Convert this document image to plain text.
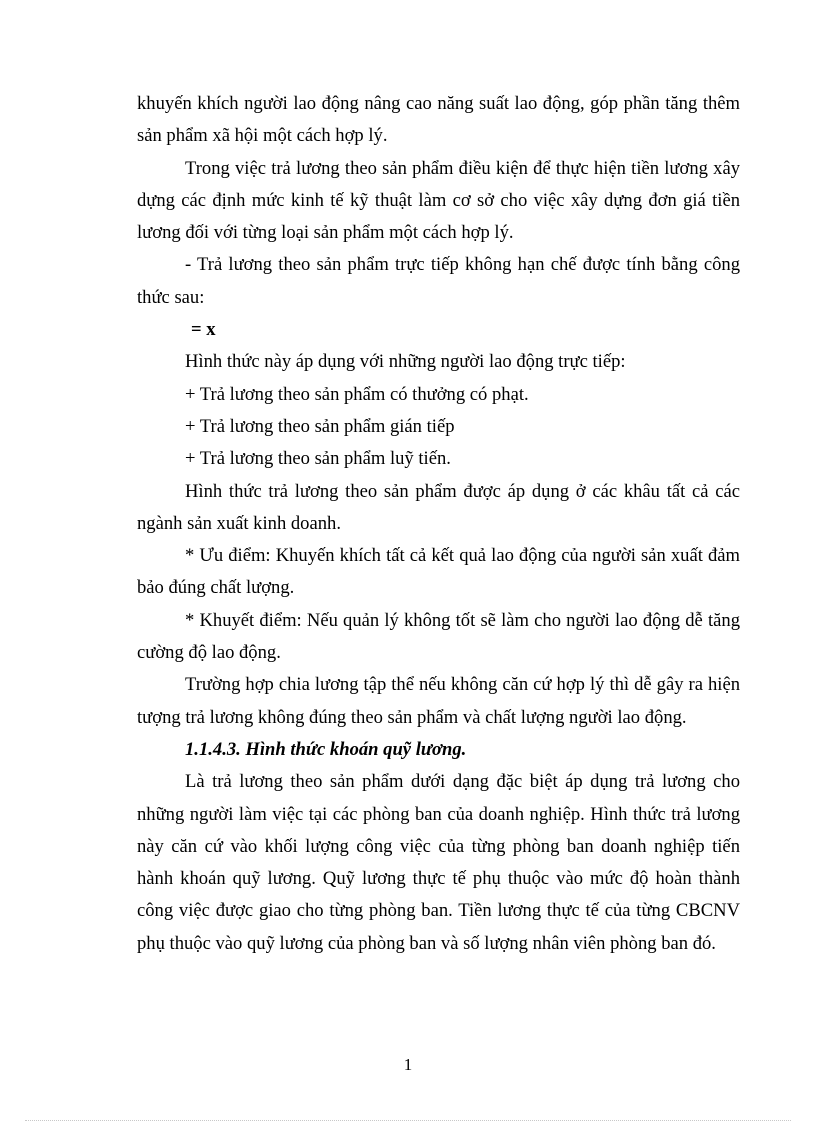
khuyến khích người lao động nâng cao năng suất lao động, góp phần tăng thêm sản phẩm xã hội một cách hợp lý.

Trong việc trả lương theo sản phẩm điều kiện để thực hiện tiền lương xây dựng các định mức kinh tế kỹ thuật làm cơ sở cho việc xây dựng đơn giá tiền lương đối với từng loại sản phẩm một cách hợp lý.

- Trả lương theo sản phẩm trực tiếp không hạn chế được tính bằng công thức sau:

= x

Hình thức này áp dụng với những người lao động trực tiếp:

+ Trả lương theo sản phẩm có thưởng có phạt.

+ Trả lương theo sản phẩm gián tiếp

+ Trả lương theo sản phẩm luỹ tiến.

Hình thức trả lương theo sản phẩm được áp dụng ở các khâu tất cả các ngành sản xuất kinh doanh.

* Ưu điểm: Khuyến khích tất cả kết quả lao động của người sản xuất đảm bảo đúng chất lượng.

* Khuyết điểm: Nếu quản lý không tốt sẽ làm cho người lao động dễ tăng cường độ lao động.

Trường hợp chia lương tập thể nếu không căn cứ hợp lý thì dễ gây ra hiện tượng trả lương không đúng theo sản phẩm và chất lượng người lao động.

1.1.4.3. Hình thức khoán quỹ lương.

Là trả lương theo sản phẩm dưới dạng đặc biệt áp dụng trả lương cho những người làm việc tại các phòng ban của doanh nghiệp. Hình thức trả lương này căn cứ vào khối lượng công việc của từng phòng ban doanh nghiệp tiến hành khoán quỹ lương. Quỹ lương thực tế phụ thuộc vào mức độ hoàn thành công việc được giao cho từng phòng ban. Tiền lương thực tế của từng CBCNV phụ thuộc vào quỹ lương của phòng ban và số lượng nhân viên phòng ban đó.

1
